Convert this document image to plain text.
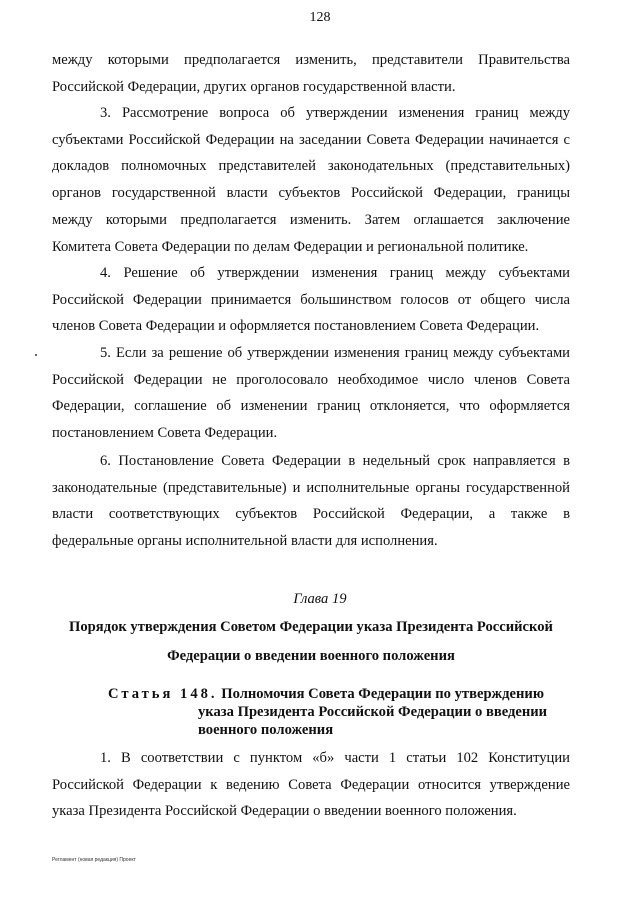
128

между которыми предполагается изменить, представители Правительства Российской Федерации, других органов государственной власти.

3. Рассмотрение вопроса об утверждении изменения границ между субъектами Российской Федерации на заседании Совета Федерации начинается с докладов полномочных представителей законодательных (представительных) органов государственной власти субъектов Российской Федерации, границы между которыми предполагается изменить. Затем оглашается заключение Комитета Совета Федерации по делам Федерации и региональной политике.

4. Решение об утверждении изменения границ между субъектами Российской Федерации принимается большинством голосов от общего числа членов Совета Федерации и оформляется постановлением Совета Федерации.

5. Если за решение об утверждении изменения границ между субъектами Российской Федерации не проголосовало необходимое число членов Совета Федерации, соглашение об изменении границ отклоняется, что оформляется постановлением Совета Федерации.

6. Постановление Совета Федерации в недельный срок направляется в законодательные (представительные) и исполнительные органы государственной власти соответствующих субъектов Российской Федерации, а также в федеральные органы исполнительной власти для исполнения.

Глава 19

Порядок утверждения Советом Федерации указа Президента Российской Федерации о введении военного положения

Статья 148. Полномочия Совета Федерации по утверждению
указа Президента Российской Федерации о введении военного положения

1. В соответствии с пунктом «б» части 1 статьи 102 Конституции Российской Федерации к ведению Совета Федерации относится утверждение указа Президента Российской Федерации о введении военного положения.

Регламент (новая редакция) Проект
